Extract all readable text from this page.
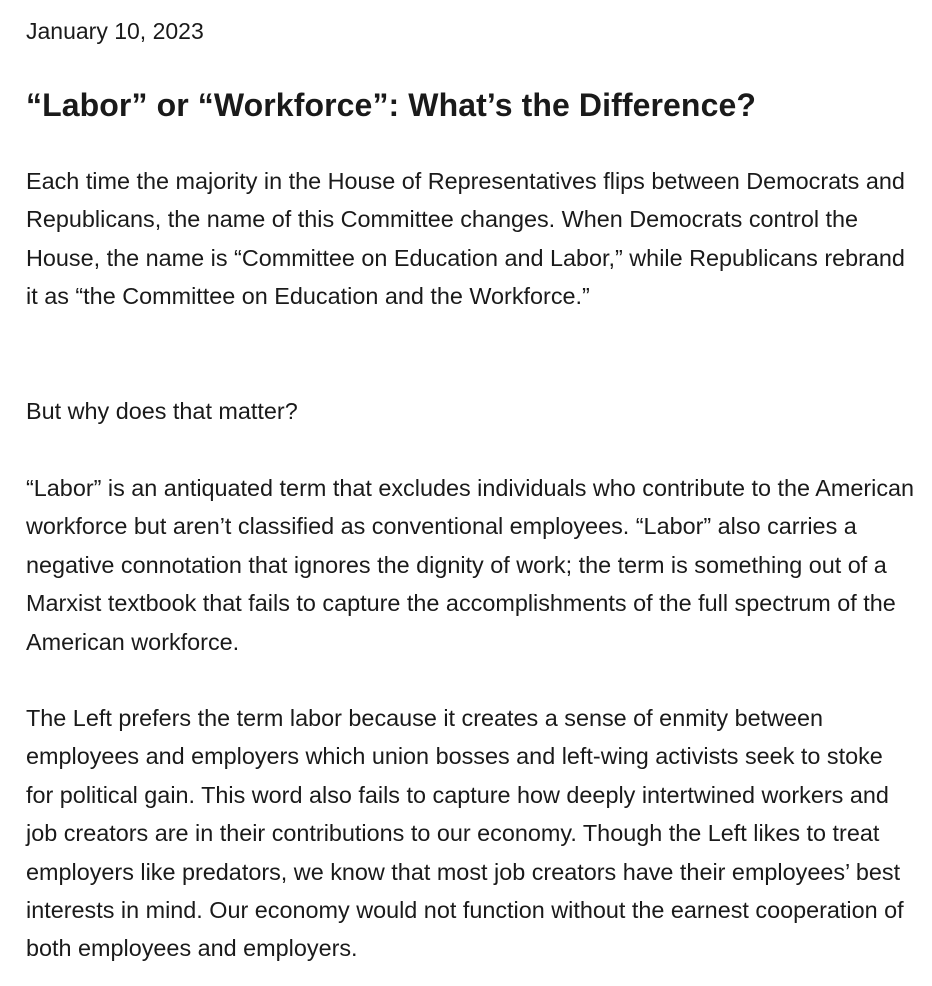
January 10, 2023

“Labor” or “Workforce”: What’s the Difference?

Each time the majority in the House of Representatives flips between Democrats and Republicans, the name of this Committee changes. When Democrats control the House, the name is “Committee on Education and Labor,” while Republicans rebrand it as “the Committee on Education and the Workforce.”

But why does that matter?

“Labor” is an antiquated term that excludes individuals who contribute to the American workforce but aren’t classified as conventional employees. “Labor” also carries a negative connotation that ignores the dignity of work; the term is something out of a Marxist textbook that fails to capture the accomplishments of the full spectrum of the American workforce.

The Left prefers the term labor because it creates a sense of enmity between employees and employers which union bosses and left-wing activists seek to stoke for political gain. This word also fails to capture how deeply intertwined workers and job creators are in their contributions to our economy. Though the Left likes to treat employers like predators, we know that most job creators have their employees’ best interests in mind. Our economy would not function without the earnest cooperation of both employees and employers.
